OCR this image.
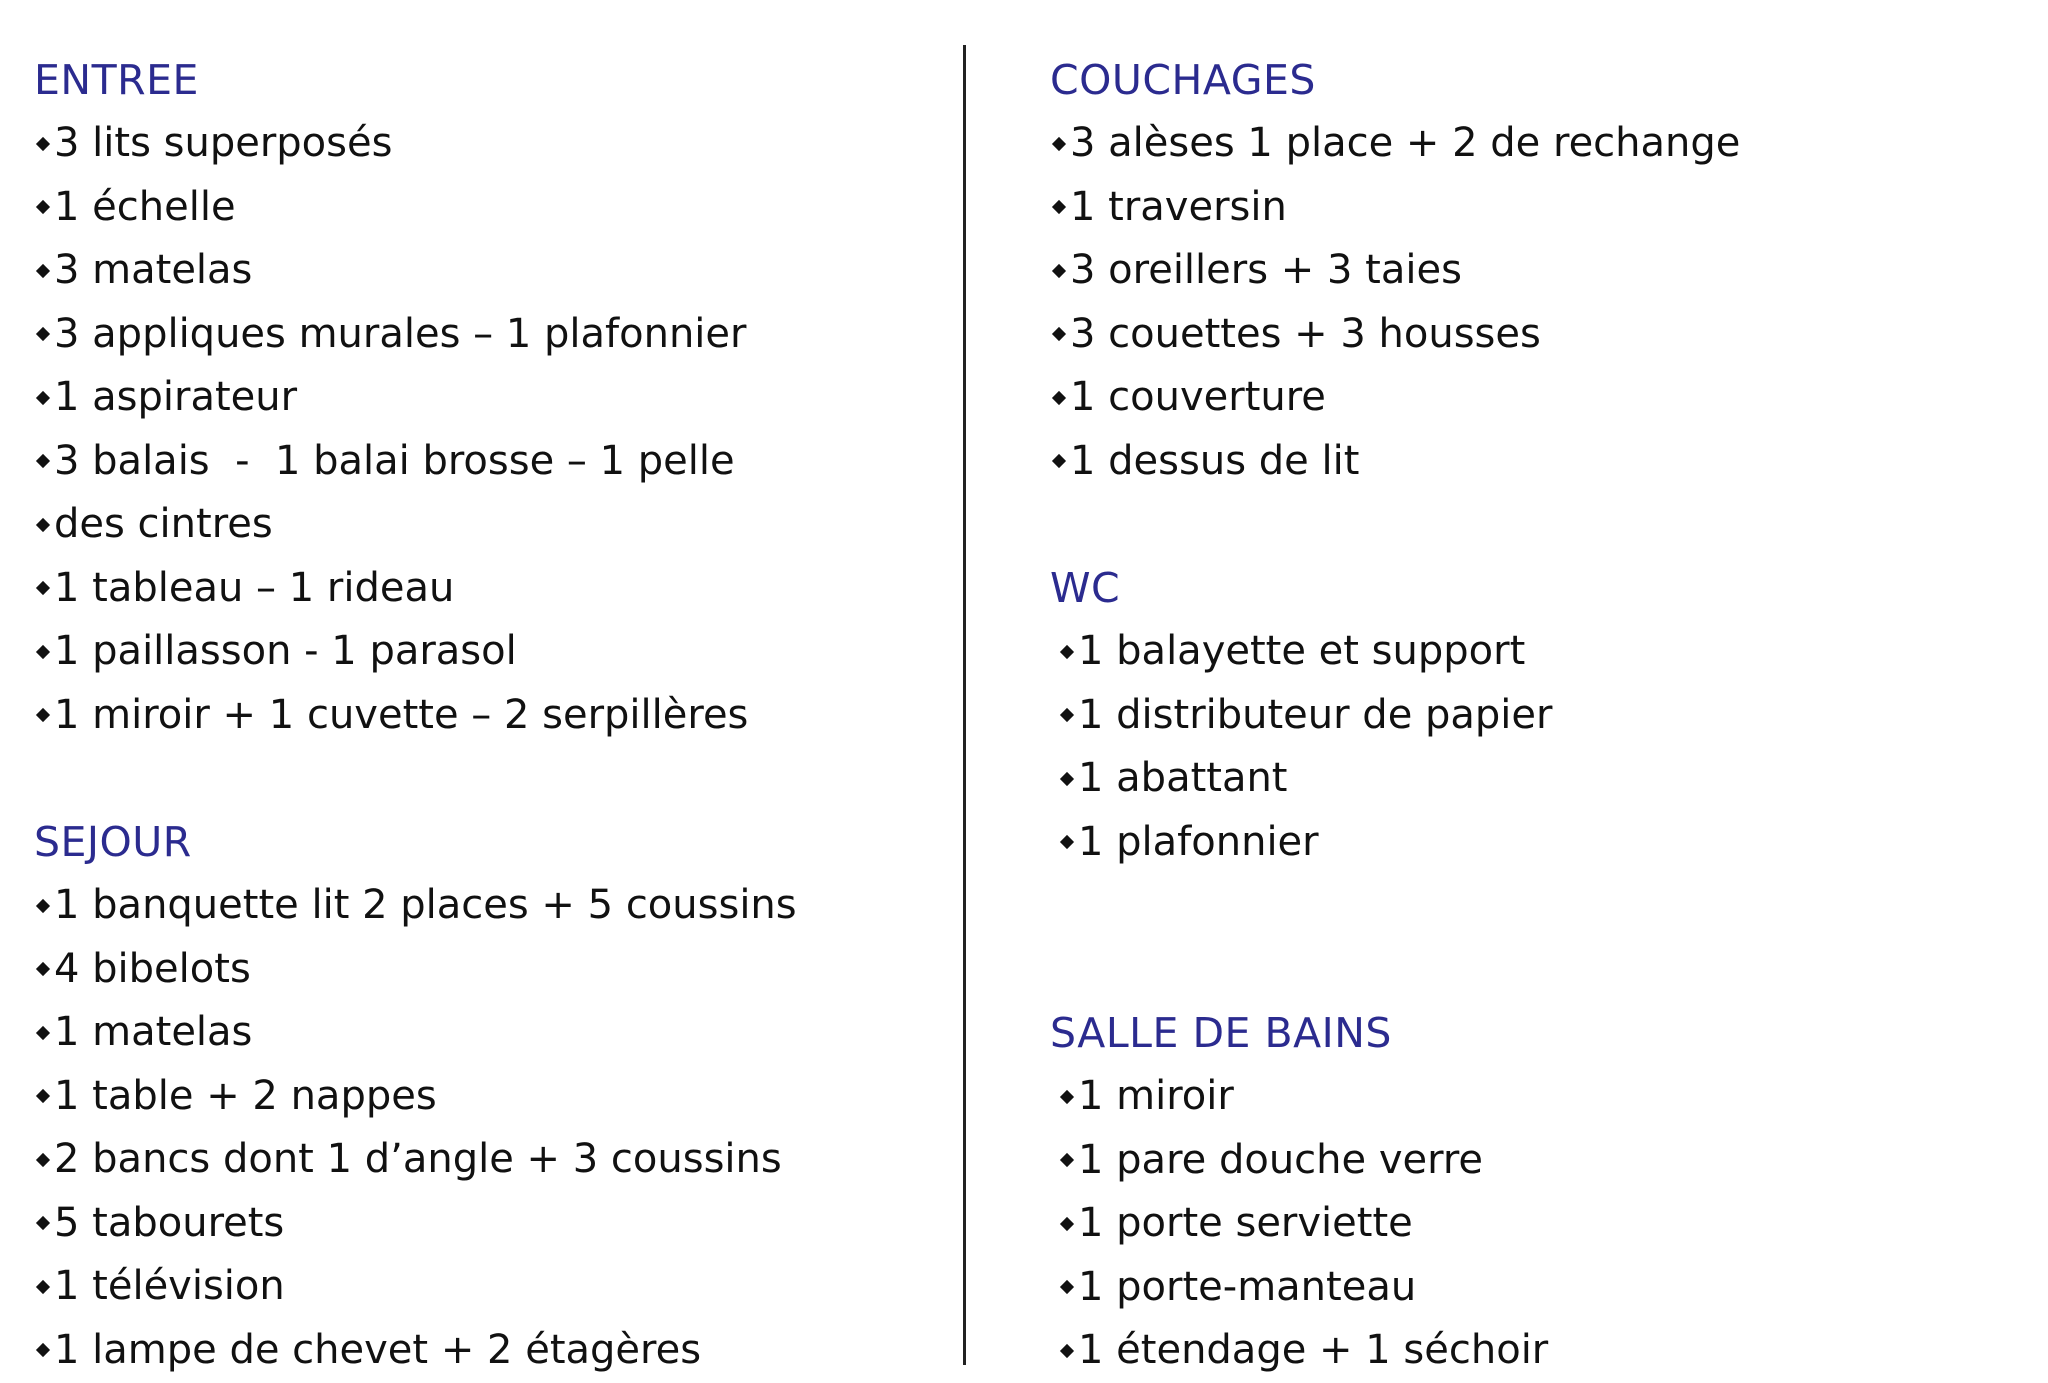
ENTREE
3 lits superposés
1 échelle
3 matelas
3 appliques murales – 1 plafonnier
1 aspirateur
3 balais  -  1 balai brosse – 1 pelle
des cintres
1 tableau – 1 rideau
1 paillasson - 1 parasol
1 miroir + 1 cuvette – 2 serpillères
SEJOUR
1 banquette lit 2 places + 5 coussins
4 bibelots
1 matelas
1 table + 2 nappes
2 bancs dont 1 d’angle + 3 coussins
5 tabourets
1 télévision
1 lampe de chevet + 2 étagères
COUCHAGES
3 alèses 1 place + 2 de rechange
1 traversin
3 oreillers + 3 taies
3 couettes + 3 housses
1 couverture
1 dessus de lit
WC
1 balayette et support
1 distributeur de papier
1 abattant
1 plafonnier
SALLE DE BAINS
1 miroir
1 pare douche verre
1 porte serviette
1 porte-manteau
1 étendage + 1 séchoir
